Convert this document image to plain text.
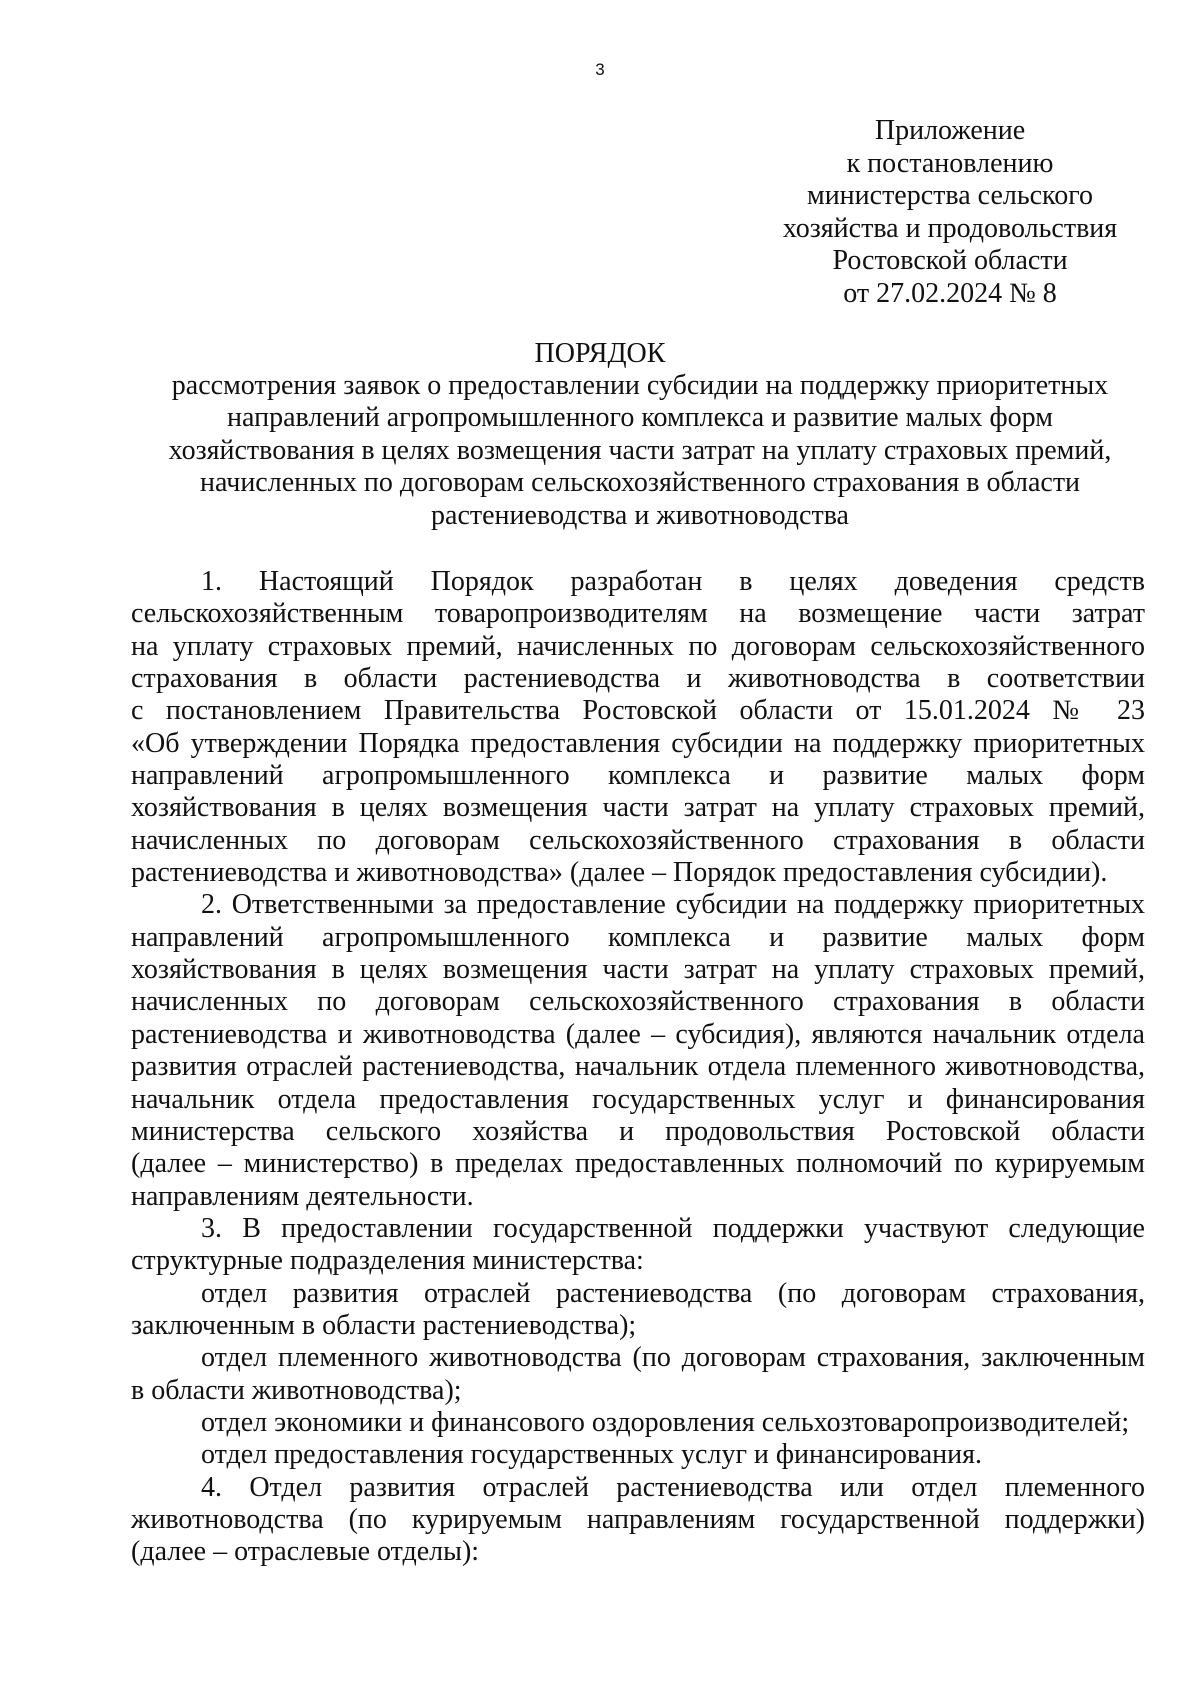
3
Приложение
к постановлению
министерства сельского
хозяйства и продовольствия
Ростовской области
от 27.02.2024 № 8
ПОРЯДОК
рассмотрения заявок о предоставлении субсидии на поддержку приоритетных
направлений агропромышленного комплекса и развитие малых форм
хозяйствования в целях возмещения части затрат на уплату страховых премий,
начисленных по договорам сельскохозяйственного страхования в области
растениеводства и животноводства
1. Настоящий Порядок разработан в целях доведения средств
сельскохозяйственным товаропроизводителям на возмещение части затрат
на уплату страховых премий, начисленных по договорам сельскохозяйственного
страхования в области растениеводства и животноводства в соответствии
с постановлением Правительства Ростовской области от 15.01.2024 № 23
«Об утверждении Порядка предоставления субсидии на поддержку приоритетных
направлений агропромышленного комплекса и развитие малых форм
хозяйствования в целях возмещения части затрат на уплату страховых премий,
начисленных по договорам сельскохозяйственного страхования в области
растениеводства и животноводства» (далее – Порядок предоставления субсидии).
2. Ответственными за предоставление субсидии на поддержку приоритетных
направлений агропромышленного комплекса и развитие малых форм
хозяйствования в целях возмещения части затрат на уплату страховых премий,
начисленных по договорам сельскохозяйственного страхования в области
растениеводства и животноводства (далее – субсидия), являются начальник отдела
развития отраслей растениеводства, начальник отдела племенного животноводства,
начальник отдела предоставления государственных услуг и финансирования
министерства сельского хозяйства и продовольствия Ростовской области
(далее – министерство) в пределах предоставленных полномочий по курируемым
направлениям деятельности.
3. В предоставлении государственной поддержки участвуют следующие
структурные подразделения министерства:
отдел развития отраслей растениеводства (по договорам страхования,
заключенным в области растениеводства);
отдел племенного животноводства (по договорам страхования, заключенным
в области животноводства);
отдел экономики и финансового оздоровления сельхозтоваропроизводителей;
отдел предоставления государственных услуг и финансирования.
4. Отдел развития отраслей растениеводства или отдел племенного
животноводства (по курируемым направлениям государственной поддержки)
(далее – отраслевые отделы):
